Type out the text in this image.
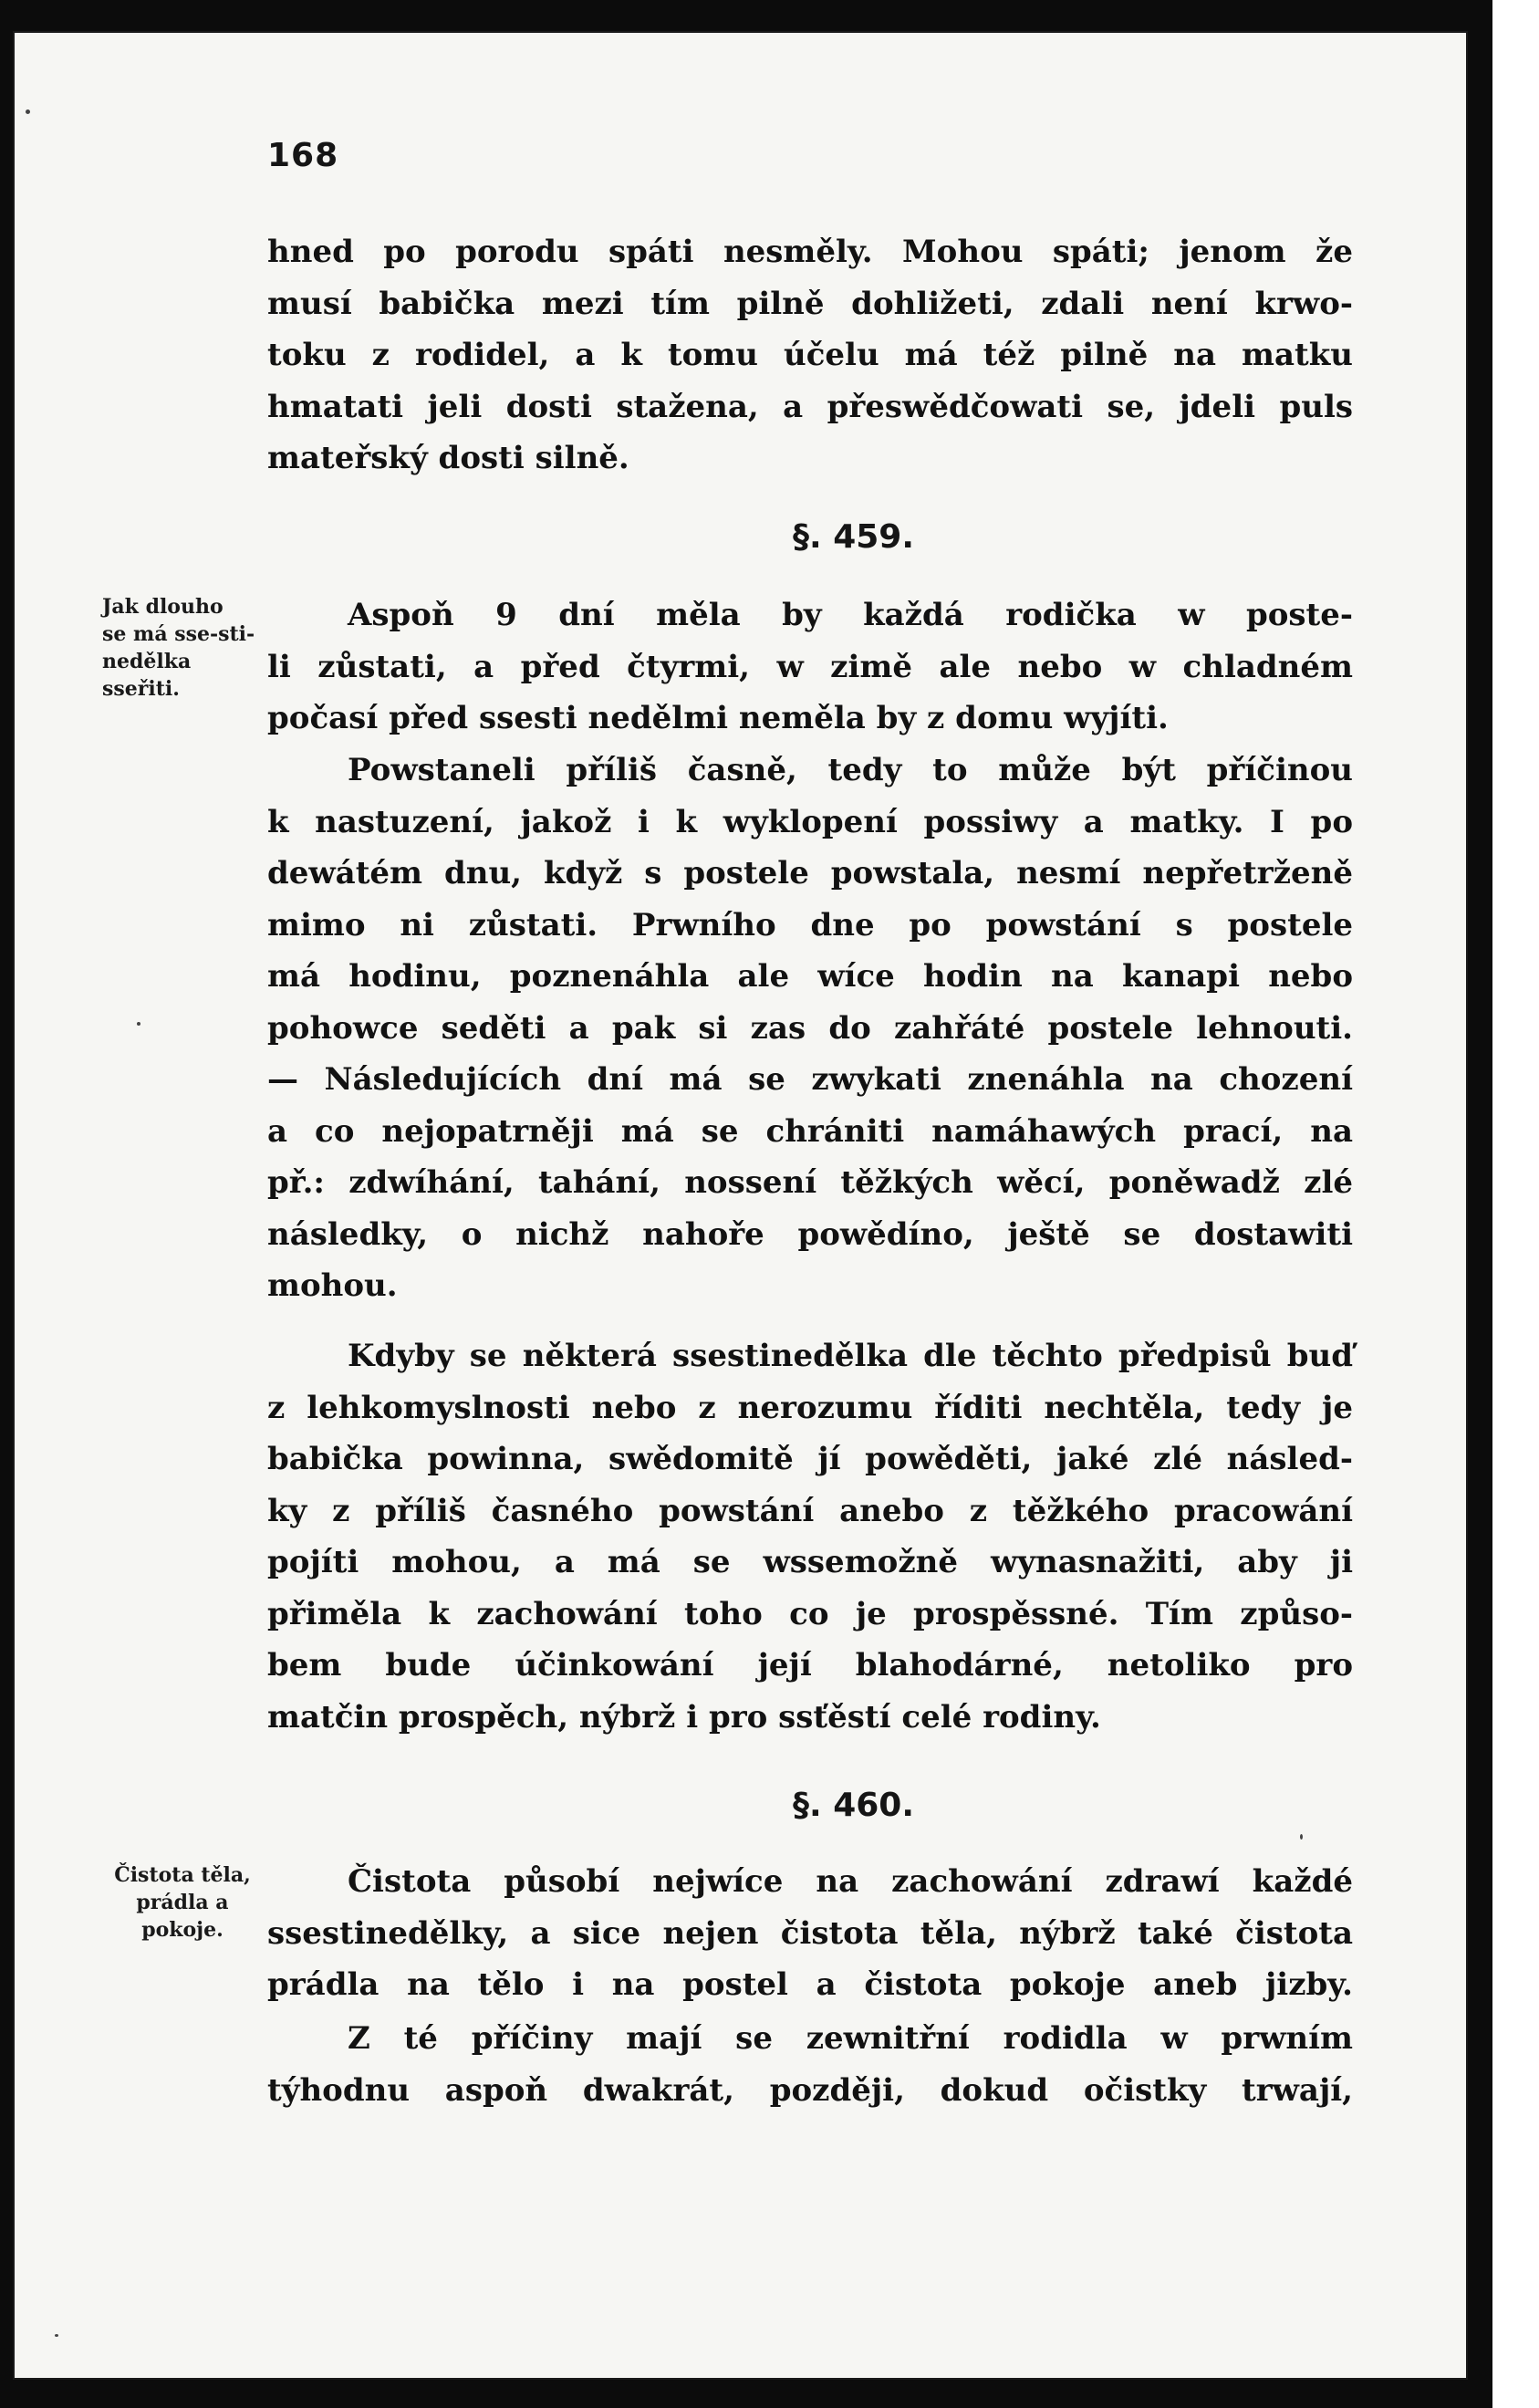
168
hned po porodu spáti nesměly. Mohou spáti; jenom že
musí babička mezi tím pilně dohližeti, zdali není krwo-
toku z rodidel, a k tomu účelu má též pilně na matku
hmatati jeli dosti stažena, a přeswědčowati se, jdeli puls
mateřský dosti silně.
§. 459.
Jak dlouho
se má sse-sti-
nedělka
sseřiti.
Aspoň 9 dní měla by každá rodička w poste-
li zůstati, a před čtyrmi, w zimě ale nebo w chladném
počasí před ssesti nedělmi neměla by z domu wyjíti.
Powstaneli příliš časně, tedy to může být příčinou
k nastuzení, jakož i k wyklopení possiwy a matky. I po
dewátém dnu, když s postele powstala, nesmí nepřetrženě
mimo ni zůstati. Prwního dne po powstání s postele
má hodinu, poznenáhla ale wíce hodin na kanapi nebo
pohowce seděti a pak si zas do zahřáté postele lehnouti.
— Následujících dní má se zwykati znenáhla na chození
a co nejopatrněji má se chrániti namáhawých prací, na
př.: zdwíhání, tahání, nossení těžkých wěcí, poněwadž zlé
následky, o nichž nahoře powědíno, ještě se dostawiti
mohou.
Kdyby se některá ssestinedělka dle těchto předpisů buď
z lehkomyslnosti nebo z nerozumu říditi nechtěla, tedy je
babička powinna, swědomitě jí powěděti, jaké zlé násled-
ky z příliš časného powstání anebo z těžkého pracowání
pojíti mohou, a má se wssemožně wynasnažiti, aby ji
přiměla k zachowání toho co je prospěssné. Tím způso-
bem bude účinkowání její blahodárné, netoliko pro
matčin prospěch, nýbrž i pro ssťěstí celé rodiny.
§. 460.
Čistota těla,
prádla a
pokoje.
Čistota působí nejwíce na zachowání zdrawí každé
ssestinedělky, a sice nejen čistota těla, nýbrž také čistota
prádla na tělo i na postel a čistota pokoje aneb jizby.
Z té příčiny mají se zewnitřní rodidla w prwním
týhodnu aspoň dwakrát, později, dokud očistky trwají,
